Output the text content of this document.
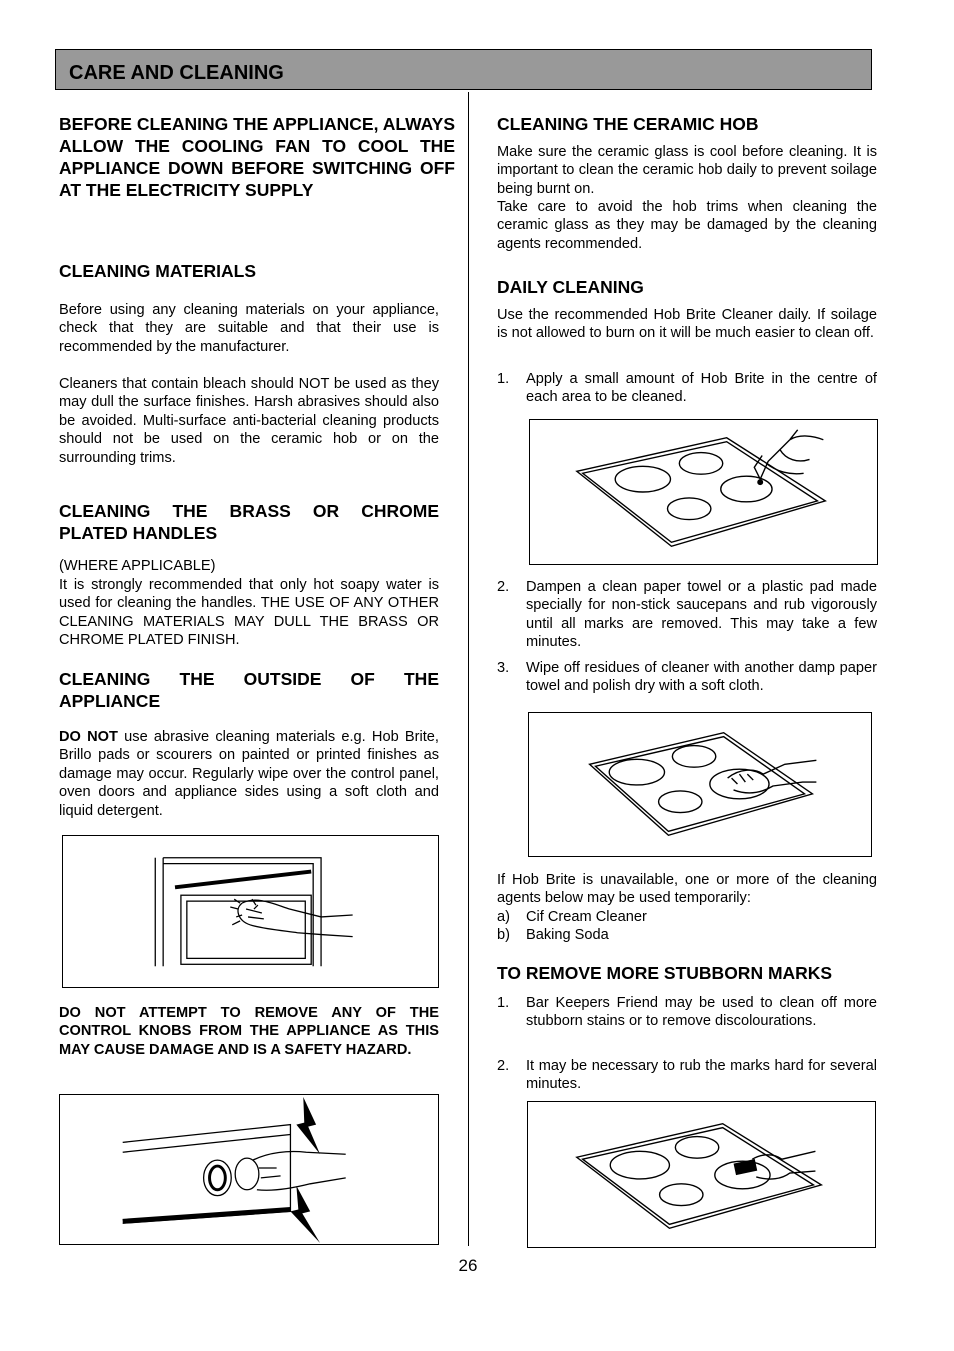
CARE AND CLEANING
BEFORE CLEANING THE APPLIANCE, ALWAYS ALLOW THE COOLING FAN TO COOL THE APPLIANCE DOWN BEFORE SWITCHING OFF AT THE ELECTRICITY SUPPLY
CLEANING MATERIALS
Before using any cleaning materials on your appliance, check that they are suitable and that their use is recommended by the manufacturer.
Cleaners that contain bleach should NOT be used as they may dull the surface finishes. Harsh abrasives should also be avoided. Multi-surface anti-bacterial cleaning products should not be used on the ceramic hob or on the surrounding trims.
CLEANING THE BRASS OR CHROME PLATED HANDLES
(WHERE APPLICABLE)
It is strongly recommended that only hot soapy water is used for cleaning the handles. THE USE OF ANY OTHER CLEANING MATERIALS MAY DULL THE BRASS OR CHROME PLATED FINISH.
CLEANING THE OUTSIDE OF THE APPLIANCE
DO NOT use abrasive cleaning materials e.g. Hob Brite, Brillo pads or scourers on painted or printed finishes as damage may occur. Regularly wipe over the control panel, oven doors and appliance sides using a soft cloth and liquid detergent.
DO NOT ATTEMPT TO REMOVE ANY OF THE CONTROL KNOBS FROM THE APPLIANCE AS THIS MAY CAUSE DAMAGE AND IS A SAFETY HAZARD.
CLEANING THE CERAMIC HOB
Make sure the ceramic glass is cool before cleaning. It is important to clean the ceramic hob daily to prevent soilage being burnt on.
Take care to avoid the hob trims when cleaning the ceramic glass as they may be damaged by the cleaning agents recommended.
DAILY CLEANING
Use the recommended Hob Brite Cleaner daily. If soilage is not allowed to burn on it will be much easier to clean off.
1.	Apply a small amount of Hob Brite in the centre of each area to be cleaned.
2.	Dampen a clean paper towel or a plastic pad made specially for non-stick saucepans and rub vigorously until all marks are removed. This may take a few minutes.
3.	Wipe off residues of cleaner with another damp paper towel and polish dry with a soft cloth.
If Hob Brite is unavailable, one or more of the cleaning agents below may be used temporarily:
a)	Cif Cream Cleaner
b)	Baking Soda
TO REMOVE MORE STUBBORN MARKS
1.	Bar Keepers Friend may be used to clean off more stubborn stains or to remove discolourations.
2.	It may be necessary to rub the marks hard for several minutes.
26
